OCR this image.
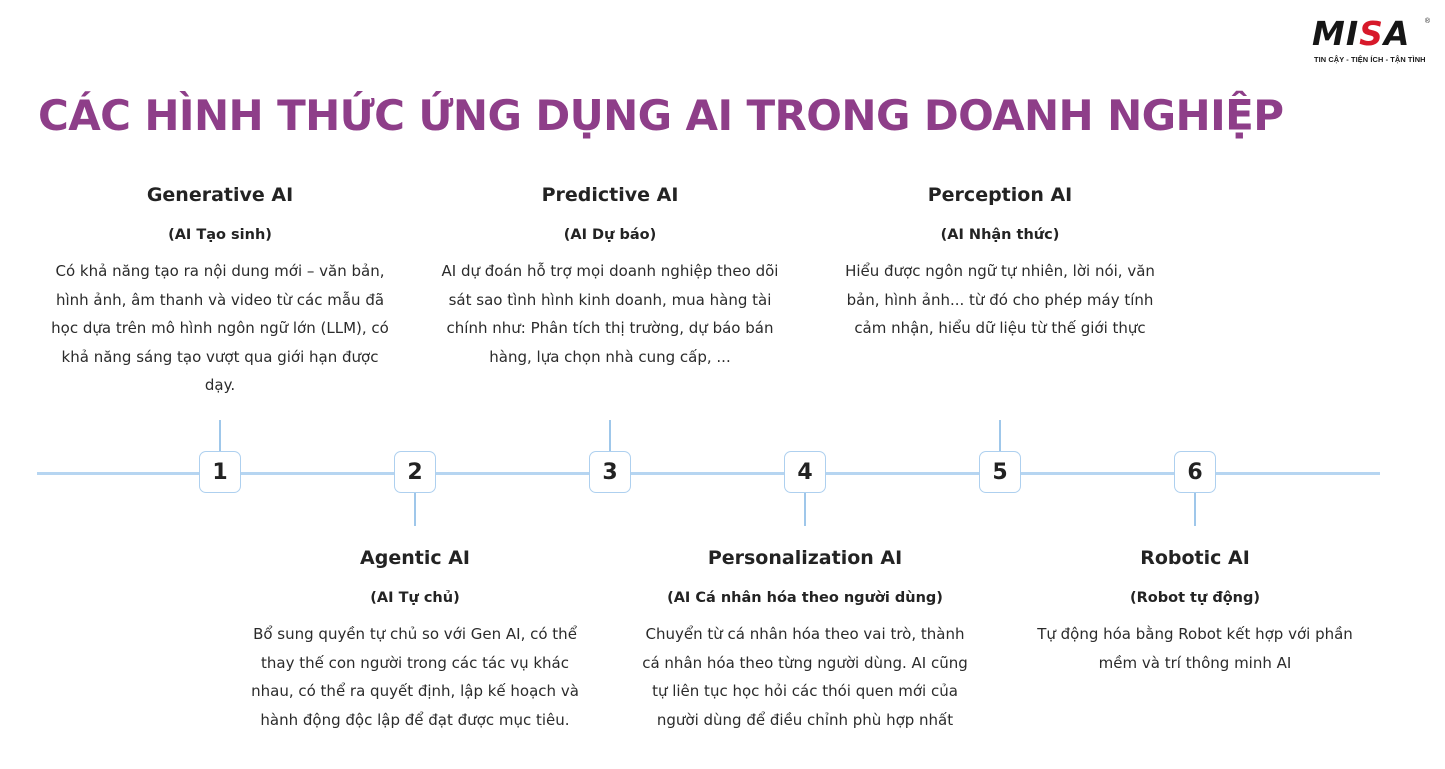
MISA ®
TIN CẬY - TIỆN ÍCH - TẬN TÌNH
CÁC HÌNH THỨC ỨNG DỤNG AI TRONG DOANH NGHIỆP
1	2	3	4	5	6
Generative AI
(AI Tạo sinh)
Có khả năng tạo ra nội dung mới – văn bản, hình ảnh, âm thanh và video từ các mẫu đã học dựa trên mô hình ngôn ngữ lớn (LLM), có khả năng sáng tạo vượt qua giới hạn được dạy.
Predictive AI
(AI Dự báo)
AI dự đoán hỗ trợ mọi doanh nghiệp theo dõi sát sao tình hình kinh doanh, mua hàng tài chính như: Phân tích thị trường, dự báo bán hàng, lựa chọn nhà cung cấp, ...
Perception AI
(AI Nhận thức)
Hiểu được ngôn ngữ tự nhiên, lời nói, văn bản, hình ảnh... từ đó cho phép máy tính cảm nhận, hiểu dữ liệu từ thế giới thực
Agentic AI
(AI Tự chủ)
Bổ sung quyền tự chủ so với Gen AI, có thể thay thế con người trong các tác vụ khác nhau, có thể ra quyết định, lập kế hoạch và hành động độc lập để đạt được mục tiêu.
Personalization AI
(AI Cá nhân hóa theo người dùng)
Chuyển từ cá nhân hóa theo vai trò, thành cá nhân hóa theo từng người dùng. AI cũng tự liên tục học hỏi các thói quen mới của người dùng để điều chỉnh phù hợp nhất
Robotic AI
(Robot tự động)
Tự động hóa bằng Robot kết hợp với phần mềm và trí thông minh AI
